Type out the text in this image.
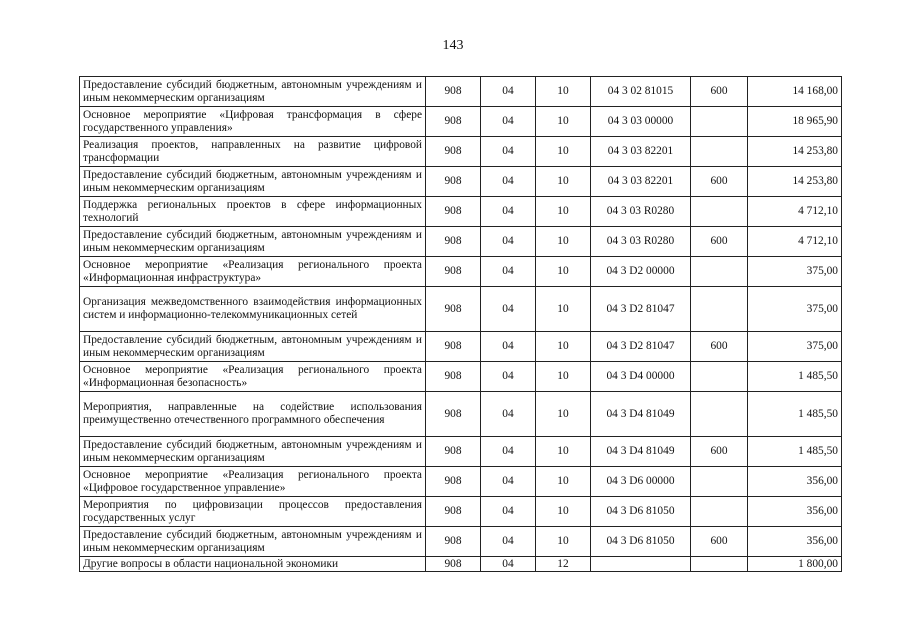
143
Предоставление субсидий бюджетным, автономным учреждениям и иным некоммерческим организациям	908	04	10	04 3 02 81015	600	14 168,00
Основное мероприятие «Цифровая трансформация в сфере государственного управления»	908	04	10	04 3 03 00000		18 965,90
Реализация проектов, направленных на развитие цифровой трансформации	908	04	10	04 3 03 82201		14 253,80
Предоставление субсидий бюджетным, автономным учреждениям и иным некоммерческим организациям	908	04	10	04 3 03 82201	600	14 253,80
Поддержка региональных проектов в сфере информационных технологий	908	04	10	04 3 03 R0280		4 712,10
Предоставление субсидий бюджетным, автономным учреждениям и иным некоммерческим организациям	908	04	10	04 3 03 R0280	600	4 712,10
Основное мероприятие «Реализация регионального проекта «Информационная инфраструктура»	908	04	10	04 3 D2 00000		375,00
Организация межведомственного взаимодействия информационных систем и информационно-телекоммуникационных сетей	908	04	10	04 3 D2 81047		375,00
Предоставление субсидий бюджетным, автономным учреждениям и иным некоммерческим организациям	908	04	10	04 3 D2 81047	600	375,00
Основное мероприятие «Реализация регионального проекта «Информационная безопасность»	908	04	10	04 3 D4 00000		1 485,50
Мероприятия, направленные на содействие использования преимущественно отечественного программного обеспечения	908	04	10	04 3 D4 81049		1 485,50
Предоставление субсидий бюджетным, автономным учреждениям и иным некоммерческим организациям	908	04	10	04 3 D4 81049	600	1 485,50
Основное мероприятие «Реализация регионального проекта «Цифровое государственное управление»	908	04	10	04 3 D6 00000		356,00
Мероприятия по цифровизации процессов предоставления государственных услуг	908	04	10	04 3 D6 81050		356,00
Предоставление субсидий бюджетным, автономным учреждениям и иным некоммерческим организациям	908	04	10	04 3 D6 81050	600	356,00
Другие вопросы в области национальной экономики	908	04	12			1 800,00
